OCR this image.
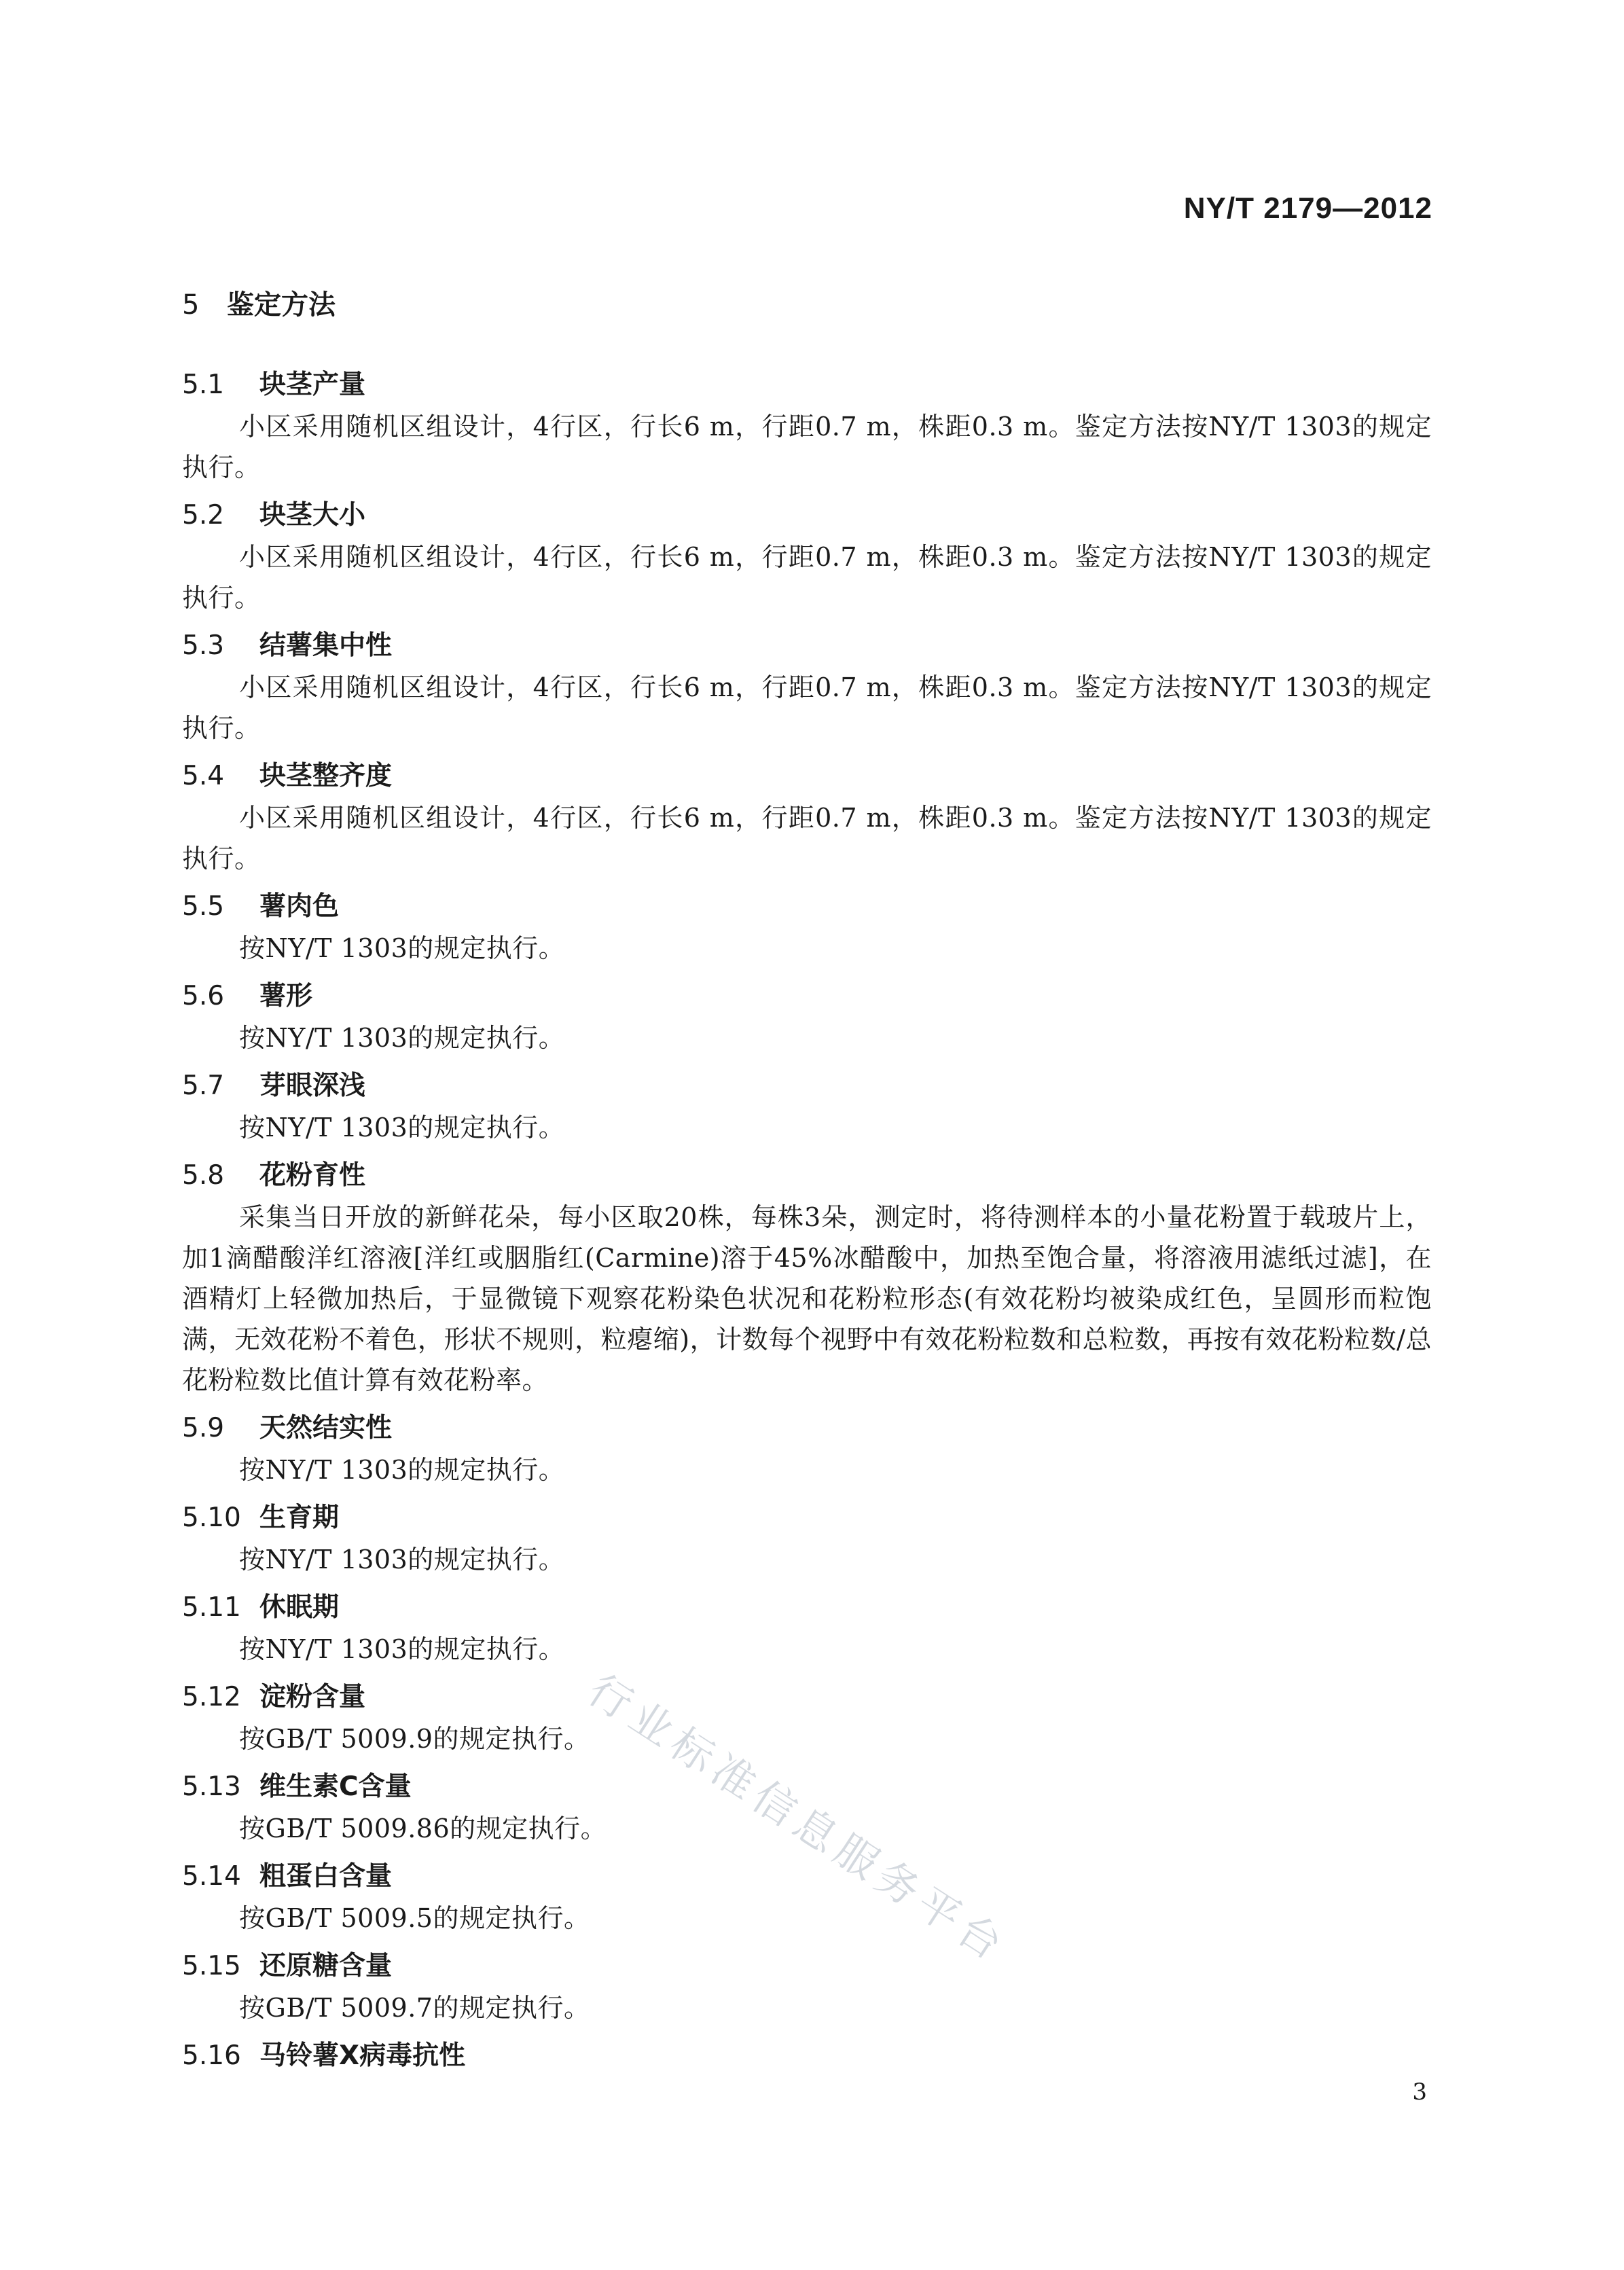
NY/T 2179—2012
5 鉴定方法
5.1 块茎产量

小区采用随机区组设计，4行区，行长6 m，行距0.7 m，株距0.3 m。鉴定方法按NY/T 1303的规定执行。

5.2 块茎大小

小区采用随机区组设计，4行区，行长6 m，行距0.7 m，株距0.3 m。鉴定方法按NY/T 1303的规定执行。

5.3 结薯集中性

小区采用随机区组设计，4行区，行长6 m，行距0.7 m，株距0.3 m。鉴定方法按NY/T 1303的规定执行。

5.4 块茎整齐度

小区采用随机区组设计，4行区，行长6 m，行距0.7 m，株距0.3 m。鉴定方法按NY/T 1303的规定执行。

5.5 薯肉色

按NY/T 1303的规定执行。

5.6 薯形

按NY/T 1303的规定执行。

5.7 芽眼深浅

按NY/T 1303的规定执行。

5.8 花粉育性

采集当日开放的新鲜花朵，每小区取20株，每株3朵，测定时，将待测样本的小量花粉置于载玻片上，加1滴醋酸洋红溶液[洋红或胭脂红(Carmine)溶于45%冰醋酸中，加热至饱合量，将溶液用滤纸过滤]，在酒精灯上轻微加热后，于显微镜下观察花粉染色状况和花粉粒形态(有效花粉均被染成红色，呈圆形而粒饱满，无效花粉不着色，形状不规则，粒瘪缩)，计数每个视野中有效花粉粒数和总粒数，再按有效花粉粒数/总花粉粒数比值计算有效花粉率。

5.9 天然结实性

按NY/T 1303的规定执行。

5.10 生育期

按NY/T 1303的规定执行。

5.11 休眠期

按NY/T 1303的规定执行。

5.12 淀粉含量

按GB/T 5009.9的规定执行。

5.13 维生素C含量

按GB/T 5009.86的规定执行。

5.14 粗蛋白含量

按GB/T 5009.5的规定执行。

5.15 还原糖含量

按GB/T 5009.7的规定执行。

5.16 马铃薯X病毒抗性
行业标准信息服务平台
3
